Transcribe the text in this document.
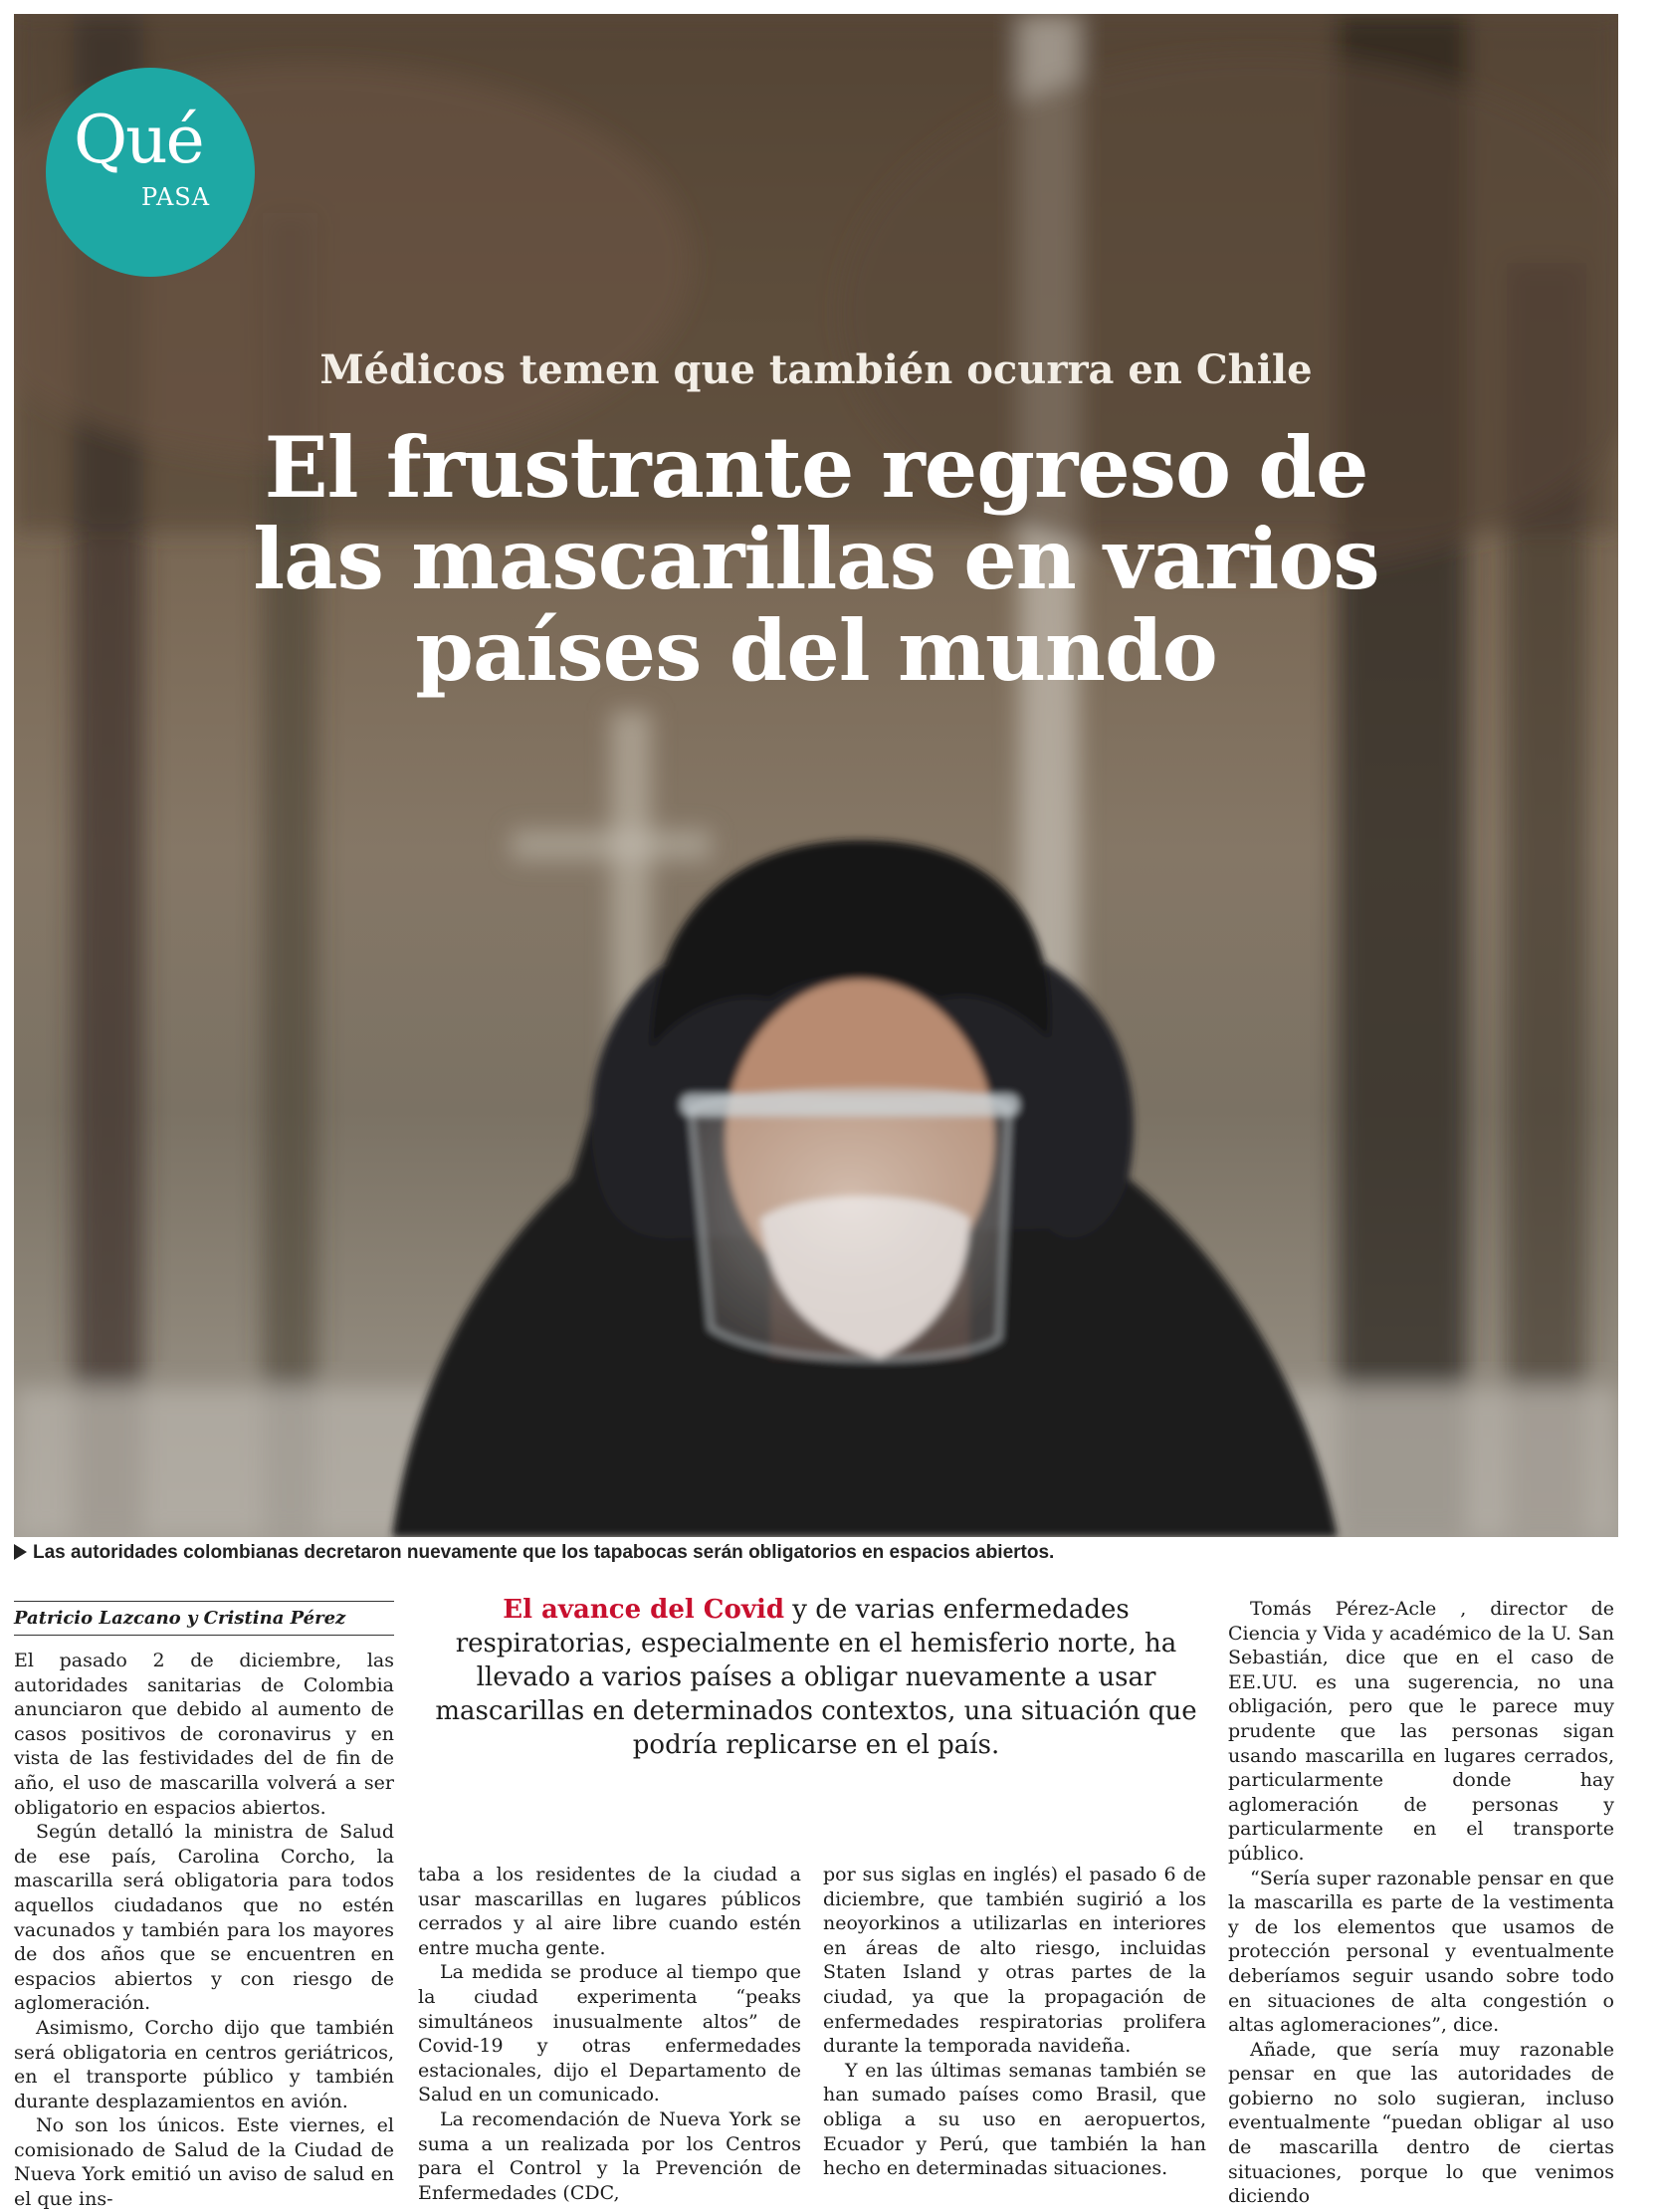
Qué
PASA
Médicos temen que también ocurra en Chile
El frustrante regreso de
las mascarillas en varios
países del mundo
Las autoridades colombianas decretaron nuevamente que los tapabocas serán obligatorios en espacios abiertos.
Patricio Lazcano y Cristina Pérez	El avance del Covid y de varias enfermedades respiratorias, especialmente en el hemisferio norte, ha llevado a varios países a obligar nuevamente a usar mascarillas en determinados contextos, una situación que podría replicarse en el país.

El pasado 2 de diciembre, las autoridades sanitarias de Colombia anunciaron que debido al aumento de casos positivos de coronavirus y en vista de las festividades del de fin de año, el uso de mascarilla volverá a ser obligatorio en espacios abiertos.

Según detalló la ministra de Salud de ese país, Carolina Corcho, la mascarilla será obligatoria para todos aquellos ciudadanos que no estén vacunados y también para los mayores de dos años que se encuentren en espacios abiertos y con riesgo de aglomeración.

Asimismo, Corcho dijo que también será obligatoria en centros geriátricos, en el transporte público y también durante desplazamientos en avión.

No son los únicos. Este viernes, el comisionado de Salud de la Ciudad de Nueva York emitió un aviso de salud en el que ins-

taba a los residentes de la ciudad a usar mascarillas en lugares públicos cerrados y al aire libre cuando estén entre mucha gente.

La medida se produce al tiempo que la ciudad experimenta “peaks simultáneos inusualmente altos” de Covid-19 y otras enfermedades estacionales, dijo el Departamento de Salud en un comunicado.

La recomendación de Nueva York se suma a un realizada por los Centros para el Control y la Prevención de Enfermedades (CDC,

por sus siglas en inglés) el pasado 6 de diciembre, que también sugirió a los neoyorkinos a utilizarlas en interiores en áreas de alto riesgo, incluidas Staten Island y otras partes de la ciudad, ya que la propagación de enfermedades respiratorias prolifera durante la temporada navideña.

Y en las últimas semanas también se han sumado países como Brasil, que obliga a su uso en aeropuertos, Ecuador y Perú, que también la han hecho en determinadas situaciones.

Tomás Pérez-Acle , director de Ciencia y Vida y académico de la U. San Sebastián, dice que en el caso de EE.UU. es una sugerencia, no una obligación, pero que le parece muy prudente que las personas sigan usando mascarilla en lugares cerrados, particularmente donde hay aglomeración de personas y particularmente en el transporte público.

“Sería super razonable pensar en que la mascarilla es parte de la vestimenta y de los elementos que usamos de protección personal y eventualmente deberíamos seguir usando sobre todo en situaciones de alta congestión o altas aglomeraciones”, dice.

Añade, que sería muy razonable pensar en que las autoridades de gobierno no solo sugieran, incluso eventualmente “puedan obligar al uso de mascarilla dentro de ciertas situaciones, porque lo que venimos diciendo
